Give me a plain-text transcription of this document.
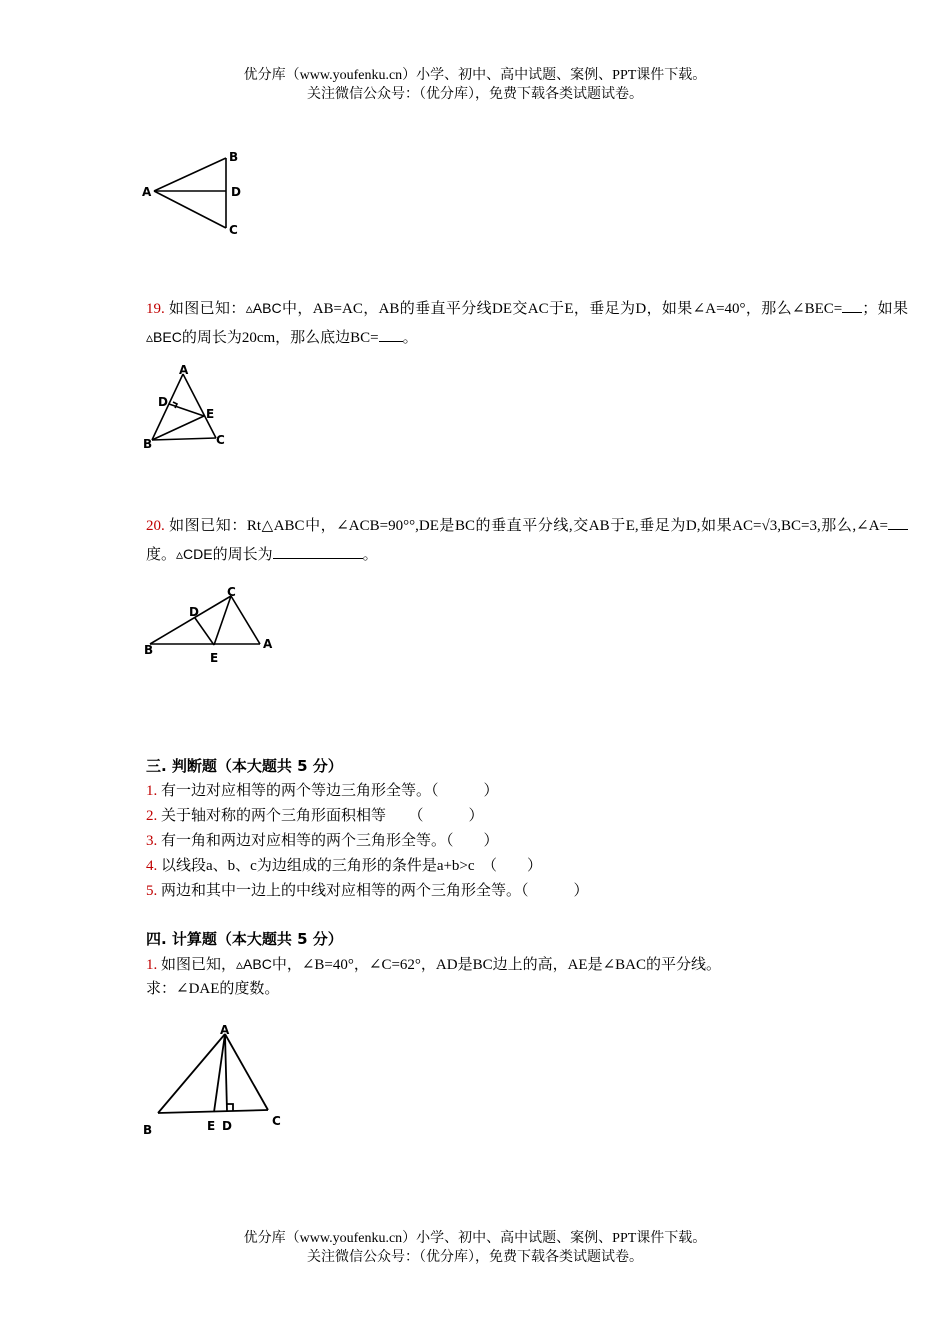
优分库（www.youfenku.cn）小学、初中、高中试题、案例、PPT课件下载。
关注微信公众号：（优分库），免费下载各类试题试卷。
A
B
D
C
19. 如图已知：▵ABC中，AB=AC，AB的垂直平分线DE交AC于E，垂足为D，如果∠A=40°，那么∠BEC= ；如果▵BEC的周长为20cm，那么底边BC= 。
A
D
E
B	C
20. 如图已知：Rt△ABC中，∠ACB=90°°,DE是BC的垂直平分线,交AB于E,垂足为D,如果AC=√3,BC=3,那么,∠A=度。▵CDE的周长为	。
C
D
B
E
A
三. 判断题（本大题共 5 分）
1. 有一边对应相等的两个等边三角形全等。（　　　）
2. 关于轴对称的两个三角形面积相等　　（　　　）
3. 有一角和两边对应相等的两个三角形全等。（　　）
4. 以线段a、b、c为边组成的三角形的条件是a+b>c　（　　）
5. 两边和其中一边上的中线对应相等的两个三角形全等。（　　　）
四. 计算题（本大题共 5 分）
1. 如图已知，▵ABC中，∠B=40°，∠C=62°，AD是BC边上的高，AE是∠BAC的平分线。
求：∠DAE的度数。
A
B	E D	C
优分库（www.youfenku.cn）小学、初中、高中试题、案例、PPT课件下载。
关注微信公众号：（优分库），免费下载各类试题试卷。
